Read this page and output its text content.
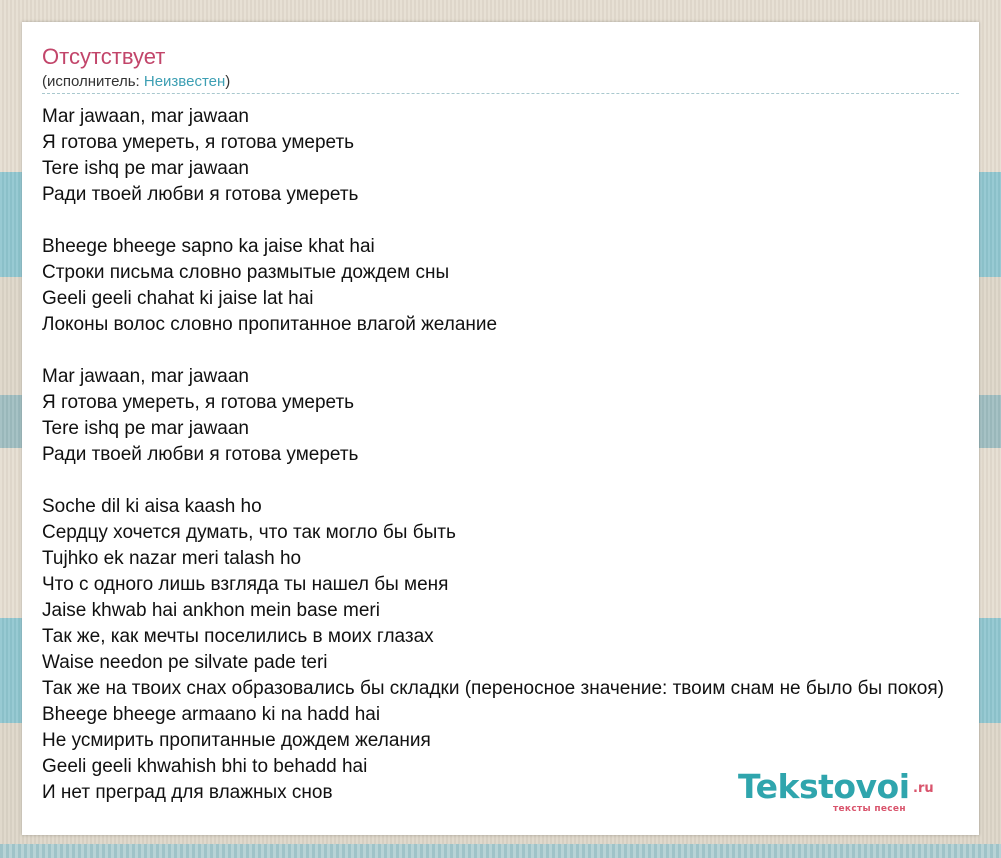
Отсутствует
(исполнитель: Неизвестен)
Mar jawaan, mar jawaan
Я готова умереть, я готова умереть
Tere ishq pe mar jawaan
Ради твоей любви я готова умереть
Bheege bheege sapno ka jaise khat hai
Строки письма словно размытые дождем сны
Geeli geeli chahat ki jaise lat hai
Локоны волос словно пропитанное влагой желание
Mar jawaan, mar jawaan
Я готова умереть, я готова умереть
Tere ishq pe mar jawaan
Ради твоей любви я готова умереть
Soche dil ki aisa kaash ho
Сердцу хочется думать, что так могло бы быть
Tujhko ek nazar meri talash ho
Что с одного лишь взгляда ты нашел бы меня
Jaise khwab hai ankhon mein base meri
Так же, как мечты поселились в моих глазах
Waise needon pe silvate pade teri
Так же на твоих снах образовались бы складки (переносное значение: твоим снам не было бы покоя)
Bheege bheege armaano ki na hadd hai
Не усмирить пропитанные дождем желания
Geeli geeli khwahish bhi to behadd hai
И нет преград для влажных снов	Tekstovoi .ru
тексты песен
